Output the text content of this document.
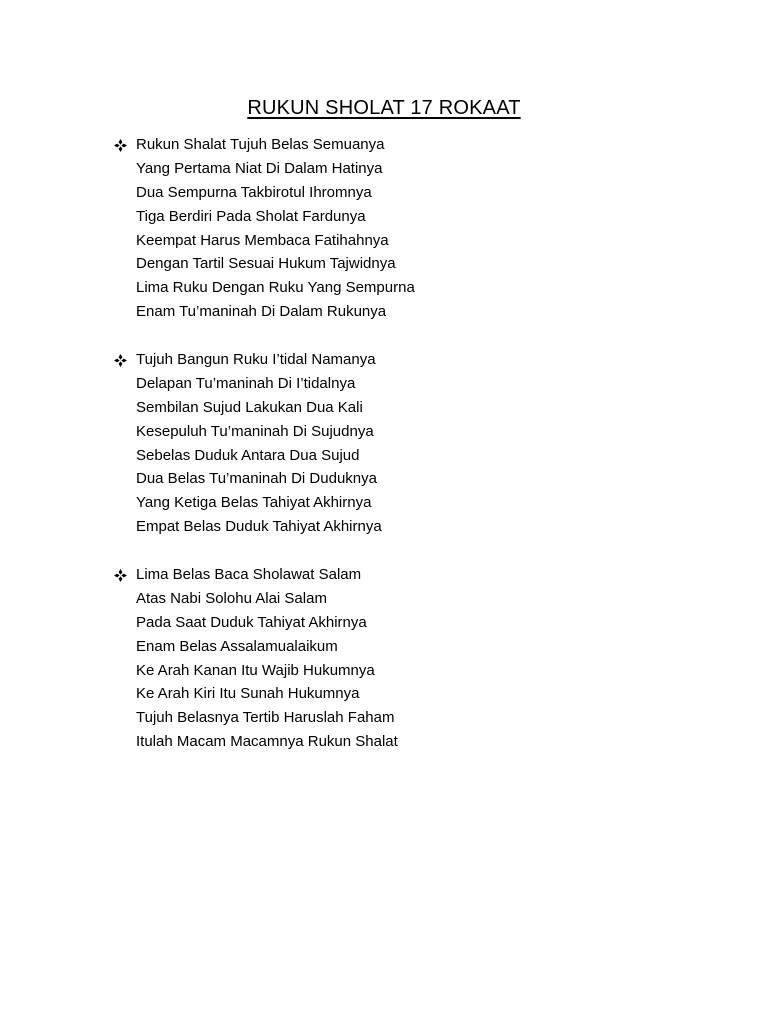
RUKUN SHOLAT 17 ROKAAT
Rukun Shalat Tujuh Belas Semuanya
Yang Pertama Niat Di Dalam Hatinya
Dua Sempurna Takbirotul Ihromnya
Tiga Berdiri Pada Sholat Fardunya
Keempat Harus Membaca Fatihahnya
Dengan Tartil Sesuai Hukum Tajwidnya
Lima Ruku Dengan Ruku Yang Sempurna
Enam Tu’maninah Di Dalam Rukunya
Tujuh Bangun Ruku I’tidal Namanya
Delapan Tu’maninah Di I’tidalnya
Sembilan Sujud Lakukan Dua Kali
Kesepuluh Tu’maninah Di Sujudnya
Sebelas Duduk Antara Dua Sujud
Dua Belas Tu’maninah Di Duduknya
Yang Ketiga Belas Tahiyat Akhirnya
Empat Belas Duduk Tahiyat Akhirnya
Lima Belas Baca Sholawat Salam
Atas Nabi Solohu Alai Salam
Pada Saat Duduk Tahiyat Akhirnya
Enam Belas Assalamualaikum
Ke Arah Kanan Itu Wajib Hukumnya
Ke Arah Kiri Itu Sunah Hukumnya
Tujuh Belasnya Tertib Haruslah Faham
Itulah Macam Macamnya Rukun Shalat
